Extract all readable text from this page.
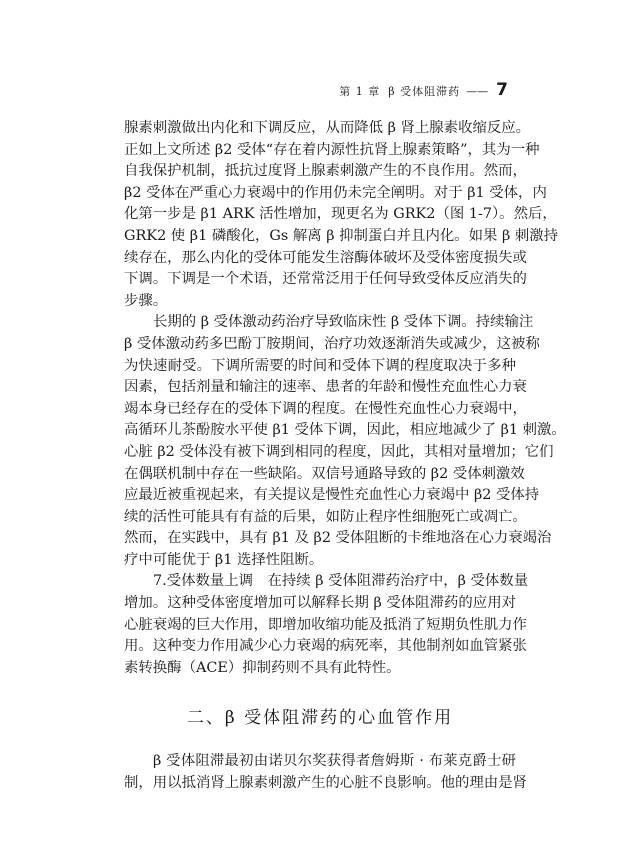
第 1 章 β 受体阻滞药 —— 7
腺素刺激做出内化和下调反应，从而降低 β 肾上腺素收缩反应。
正如上文所述 β2 受体“存在着内源性抗肾上腺素策略”，其为一种
自我保护机制，抵抗过度肾上腺素刺激产生的不良作用。然而，
β2 受体在严重心力衰竭中的作用仍未完全阐明。对于 β1 受体，内
化第一步是 β1 ARK 活性增加，现更名为 GRK2（图 1-7）。然后，
GRK2 使 β1 磷酸化，Gs 解离 β 抑制蛋白并且内化。如果 β 刺激持
续存在，那么内化的受体可能发生溶酶体破坏及受体密度损失或
下调。下调是一个术语，还常常泛用于任何导致受体反应消失的
步骤。
长期的 β 受体激动药治疗导致临床性 β 受体下调。持续输注
β 受体激动药多巴酚丁胺期间，治疗功效逐渐消失或减少，这被称
为快速耐受。下调所需要的时间和受体下调的程度取决于多种
因素，包括剂量和输注的速率、患者的年龄和慢性充血性心力衰
竭本身已经存在的受体下调的程度。在慢性充血性心力衰竭中，
高循环儿茶酚胺水平使 β1 受体下调，因此，相应地减少了 β1 刺激。
心脏 β2 受体没有被下调到相同的程度，因此，其相对量增加；它们
在偶联机制中存在一些缺陷。双信号通路导致的 β2 受体刺激效
应最近被重视起来，有关提议是慢性充血性心力衰竭中 β2 受体持
续的活性可能具有有益的后果，如防止程序性细胞死亡或凋亡。
然而，在实践中，具有 β1 及 β2 受体阻断的卡维地洛在心力衰竭治
疗中可能优于 β1 选择性阻断。
7.受体数量上调　在持续 β 受体阻滞药治疗中，β 受体数量
增加。这种受体密度增加可以解释长期 β 受体阻滞药的应用对
心脏衰竭的巨大作用，即增加收缩功能及抵消了短期负性肌力作
用。这种变力作用减少心力衰竭的病死率，其他制剂如血管紧张
素转换酶（ACE）抑制药则不具有此特性。
二、β 受体阻滞药的心血管作用
β 受体阻滞最初由诺贝尔奖获得者詹姆斯 · 布莱克爵士研
制，用以抵消肾上腺素刺激产生的心脏不良影响。他的理由是肾
